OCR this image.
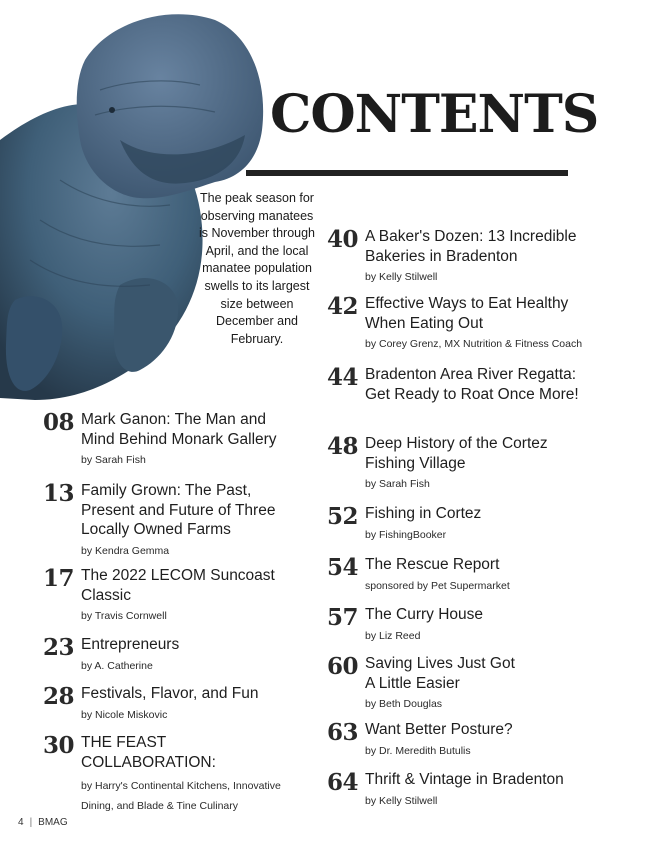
CONTENTS

The peak season for observing manatees is November through April, and the local manatee population swells to its largest size between December and February.

08 Mark Ganon: The Man and
Mind Behind Monark Gallery
by Sarah Fish
13 Family Grown: The Past,
Present and Future of Three
Locally Owned Farms
by Kendra Gemma
17 The 2022 LECOM Suncoast
Classic
by Travis Cornwell
23 Entrepreneurs
by A. Catherine
28 Festivals, Flavor, and Fun
by Nicole Miskovic
30 THE FEAST
COLLABORATION:
by Harry's Continental Kitchens, Innovative
Dining, and Blade & Tine Culinary
40 A Baker's Dozen: 13 Incredible
Bakeries in Bradenton
by Kelly Stilwell
42 Effective Ways to Eat Healthy
When Eating Out
by Corey Grenz, MX Nutrition & Fitness Coach
44 Bradenton Area River Regatta:
Get Ready to Roat Once More!
48 Deep History of the Cortez
Fishing Village
by Sarah Fish
52 Fishing in Cortez
by FishingBooker
54 The Rescue Report
sponsored by Pet Supermarket
57 The Curry House
by Liz Reed
60 Saving Lives Just Got
A Little Easier
by Beth Douglas
63 Want Better Posture?
by Dr. Meredith Butulis
64 Thrift & Vintage in Bradenton
by Kelly Stilwell
4 | BMAG
